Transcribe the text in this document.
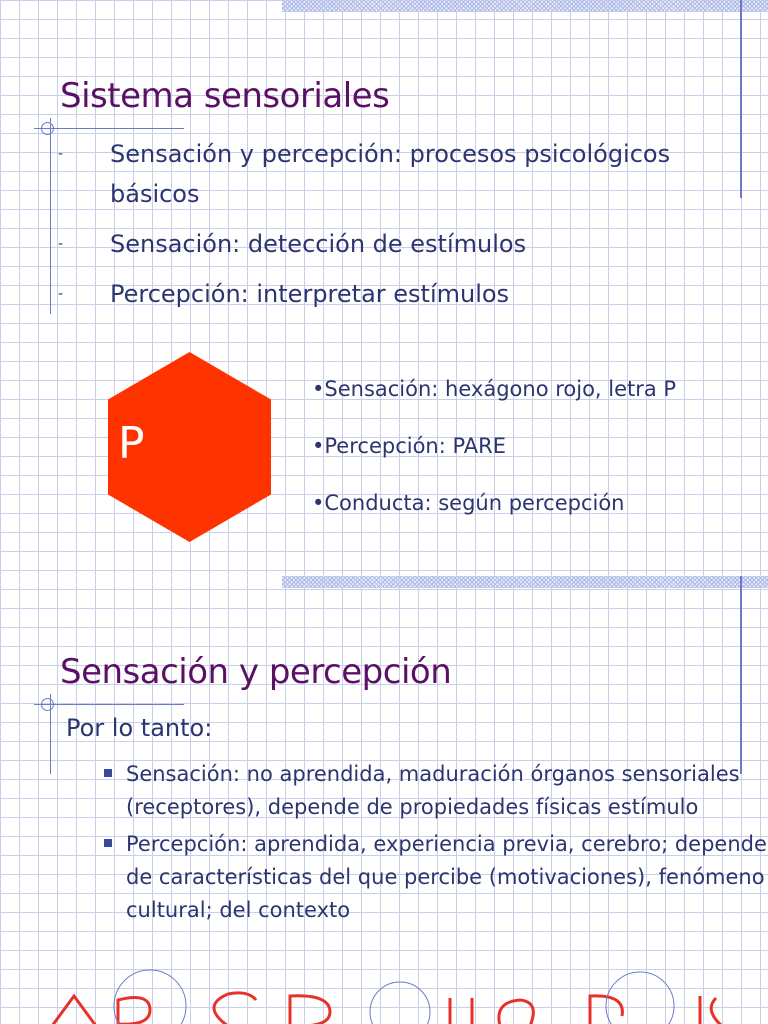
Sistema sensoriales
- Sensación y percepción: procesos psicológicos básicos
- Sensación: detección de estímulos
- Percepción: interpretar estímulos
P
•Sensación: hexágono rojo, letra P
•Percepción: PARE
•Conducta: según percepción
Sensación y percepción
Por lo tanto:
Sensación: no aprendida, maduración órganos sensoriales (receptores), depende de propiedades físicas estímulo
Percepción: aprendida, experiencia previa, cerebro; depende de características del que percibe (motivaciones), fenómeno cultural; del contexto
